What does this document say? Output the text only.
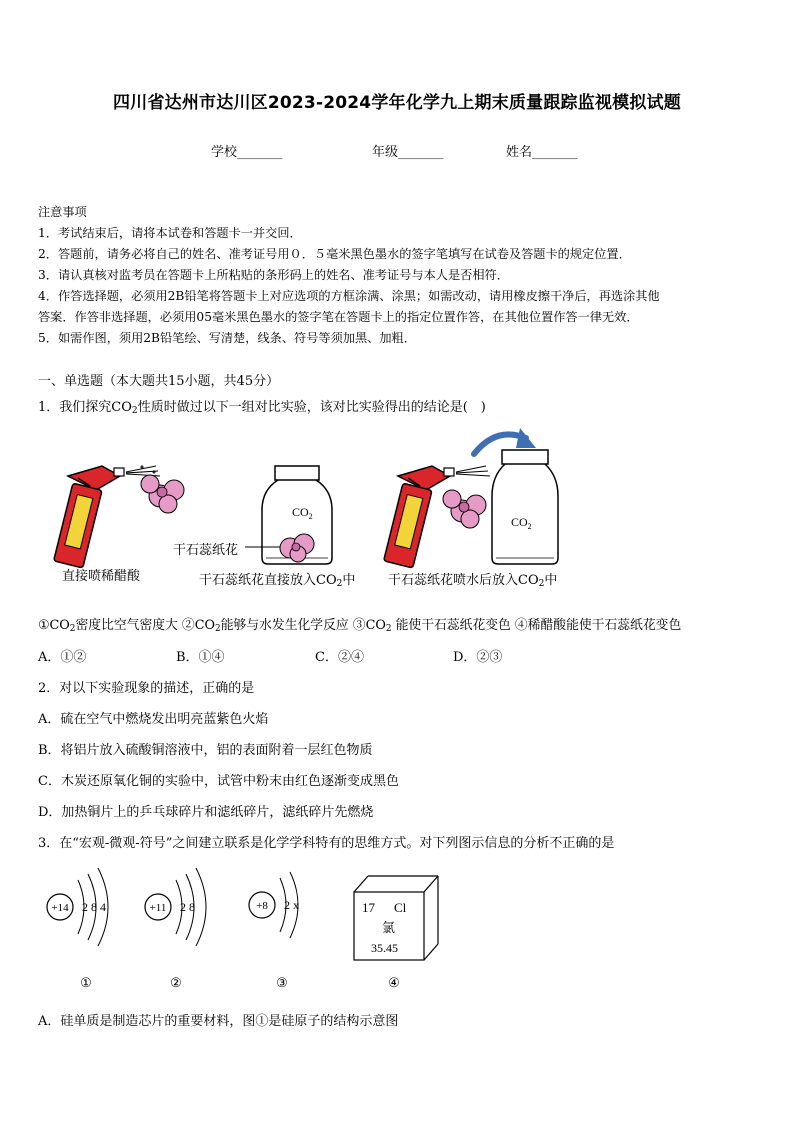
四川省达州市达川区2023-2024学年化学九上期末质量跟踪监视模拟试题
学校_______	年级_______	姓名_______
注意事项
1．考试结束后，请将本试卷和答题卡一并交回．
2．答题前，请务必将自己的姓名、准考证号用０．５毫米黑色墨水的签字笔填写在试卷及答题卡的规定位置．
3．请认真核对监考员在答题卡上所粘贴的条形码上的姓名、准考证号与本人是否相符．
4．作答选择题，必须用2B铅笔将答题卡上对应选项的方框涂满、涂黑；如需改动，请用橡皮擦干净后，再选涂其他
答案．作答非选择题，必须用05毫米黑色墨水的签字笔在答题卡上的指定位置作答，在其他位置作答一律无效．
5．如需作图，须用2B铅笔绘、写清楚，线条、符号等须加黑、加粗．
一、单选题（本大题共15小题，共45分）
1．我们探究$CO_2$性质时做过以下一组对比实验，该对比实验得出的结论是(　)
$CO_2$	$CO_2$
干石蕊纸花
直接喷稀醋酸	干石蕊纸花直接放入$CO_2$中	干石蕊纸花喷水后放入$CO_2$中
$①CO_2$密度比空气密度大 $②CO_2$能够与水发生化学反应 $③CO_2$ 能使干石蕊纸花变色 ④稀醋酸能使干石蕊纸花变色
A．①②	B．①④	C．②④	D．②③
2．对以下实验现象的描述，正确的是
A．硫在空气中燃烧发出明亮蓝紫色火焰
B．将铝片放入硫酸铜溶液中，铝的表面附着一层红色物质
C．木炭还原氧化铜的实验中，试管中粉末由红色逐渐变成黑色
D．加热铜片上的乒乓球碎片和滤纸碎片，滤纸碎片先燃烧
3．在“宏观-微观-符号”之间建立联系是化学学科特有的思维方式。对下列图示信息的分析不正确的是
+14 2 8 4
①
+11 2 8
②
+8 2 x
③
17 Cl
氯
35.45
④
A．硅单质是制造芯片的重要材料，图①是硅原子的结构示意图
